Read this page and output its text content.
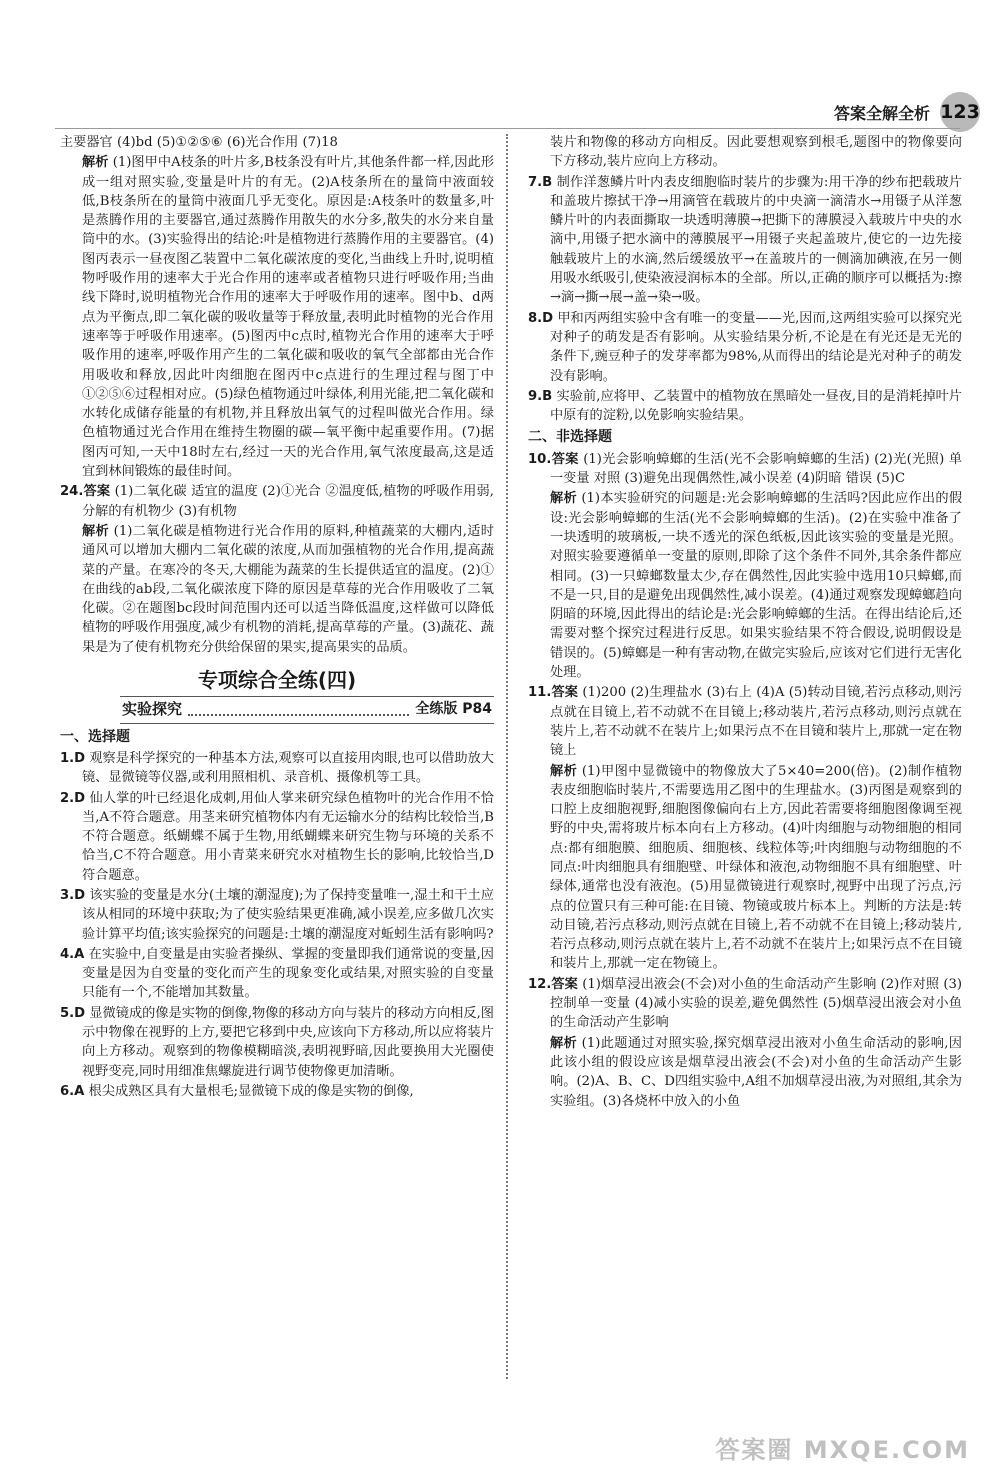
答案全解全析 123

主要器官 (4)bd (5)①②⑤⑥ (6)光合作用 (7)18

解析 (1)图甲中A枝条的叶片多,B枝条没有叶片,其他条件都一样,因此形成一组对照实验,变量是叶片的有无。(2)A枝条所在的量筒中液面较低,B枝条所在的量筒中液面几乎无变化。原因是:A枝条叶的数量多,叶是蒸腾作用的主要器官,通过蒸腾作用散失的水分多,散失的水分来自量筒中的水。(3)实验得出的结论:叶是植物进行蒸腾作用的主要器官。(4)图丙表示一昼夜图乙装置中二氧化碳浓度的变化,当曲线上升时,说明植物呼吸作用的速率大于光合作用的速率或者植物只进行呼吸作用;当曲线下降时,说明植物光合作用的速率大于呼吸作用的速率。图中b、d两点为平衡点,即二氧化碳的吸收量等于释放量,表明此时植物的光合作用速率等于呼吸作用速率。(5)图丙中c点时,植物光合作用的速率大于呼吸作用的速率,呼吸作用产生的二氧化碳和吸收的氧气全部都由光合作用吸收和释放,因此叶肉细胞在图丙中c点进行的生理过程与图丁中①②⑤⑥过程相对应。(5)绿色植物通过叶绿体,利用光能,把二氧化碳和水转化成储存能量的有机物,并且释放出氧气的过程叫做光合作用。绿色植物通过光合作用在维持生物圈的碳—氧平衡中起重要作用。(7)据图丙可知,一天中18时左右,经过一天的光合作用,氧气浓度最高,这是适宜到林间锻炼的最佳时间。

24.答案 (1)二氧化碳 适宜的温度 (2)①光合 ②温度低,植物的呼吸作用弱,分解的有机物少 (3)有机物

解析 (1)二氧化碳是植物进行光合作用的原料,种植蔬菜的大棚内,适时通风可以增加大棚内二氧化碳的浓度,从而加强植物的光合作用,提高蔬菜的产量。在寒冷的冬天,大棚能为蔬菜的生长提供适宜的温度。(2)①在曲线的ab段,二氧化碳浓度下降的原因是草莓的光合作用吸收了二氧化碳。②在题图bc段时间范围内还可以适当降低温度,这样做可以降低植物的呼吸作用强度,减少有机物的消耗,提高草莓的产量。(3)蔬花、蔬果是为了使有机物充分供给保留的果实,提高果实的品质。

专项综合全练(四)
实验探究	全练版 P84
一、选择题

1.D 观察是科学探究的一种基本方法,观察可以直接用肉眼,也可以借助放大镜、显微镜等仪器,或利用照相机、录音机、摄像机等工具。

2.D 仙人掌的叶已经退化成刺,用仙人掌来研究绿色植物叶的光合作用不恰当,A不符合题意。用茎来研究植物体内有无运输水分的结构比较恰当,B不符合题意。纸蝴蝶不属于生物,用纸蝴蝶来研究生物与环境的关系不恰当,C不符合题意。用小青菜来研究水对植物生长的影响,比较恰当,D符合题意。

3.D 该实验的变量是水分(土壤的潮湿度);为了保持变量唯一,湿土和干土应该从相同的环境中获取;为了使实验结果更准确,减小误差,应多做几次实验计算平均值;该实验探究的问题是:土壤的潮湿度对蚯蚓生活有影响吗?

4.A 在实验中,自变量是由实验者操纵、掌握的变量即我们通常说的变量,因变量是因为自变量的变化而产生的现象变化或结果,对照实验的自变量只能有一个,不能增加其数量。

5.D 显微镜成的像是实物的倒像,物像的移动方向与装片的移动方向相反,图示中物像在视野的上方,要把它移到中央,应该向下方移动,所以应将装片向上方移动。观察到的物像模糊暗淡,表明视野暗,因此要换用大光圈使视野变亮,同时用细准焦螺旋进行调节使物像更加清晰。

6.A 根尖成熟区具有大量根毛;显微镜下成的像是实物的倒像,

装片和物像的移动方向相反。因此要想观察到根毛,题图中的物像要向下方移动,装片应向上方移动。

7.B 制作洋葱鳞片叶内表皮细胞临时装片的步骤为:用干净的纱布把载玻片和盖玻片擦拭干净→用滴管在载玻片的中央滴一滴清水→用镊子从洋葱鳞片叶的内表面撕取一块透明薄膜→把撕下的薄膜浸入载玻片中央的水滴中,用镊子把水滴中的薄膜展平→用镊子夹起盖玻片,使它的一边先接触载玻片上的水滴,然后缓缓放平→在盖玻片的一侧滴加碘液,在另一侧用吸水纸吸引,使染液浸润标本的全部。所以,正确的顺序可以概括为:擦→滴→撕→展→盖→染→吸。

8.D 甲和丙两组实验中含有唯一的变量——光,因而,这两组实验可以探究光对种子的萌发是否有影响。从实验结果分析,不论是在有光还是无光的条件下,豌豆种子的发芽率都为98%,从而得出的结论是光对种子的萌发没有影响。

9.B 实验前,应将甲、乙装置中的植物放在黑暗处一昼夜,目的是消耗掉叶片中原有的淀粉,以免影响实验结果。

二、非选择题

10.答案 (1)光会影响蟑螂的生活(光不会影响蟑螂的生活) (2)光(光照) 单一变量 对照 (3)避免出现偶然性,减小误差 (4)阴暗 错误 (5)C

解析 (1)本实验研究的问题是:光会影响蟑螂的生活吗?因此应作出的假设:光会影响蟑螂的生活(光不会影响蟑螂的生活)。(2)在实验中准备了一块透明的玻璃板,一块不透光的深色纸板,因此该实验的变量是光照。对照实验要遵循单一变量的原则,即除了这个条件不同外,其余条件都应相同。(3)一只蟑螂数量太少,存在偶然性,因此实验中选用10只蟑螂,而不是一只,目的是避免出现偶然性,减小误差。(4)通过观察发现蟑螂趋向阴暗的环境,因此得出的结论是:光会影响蟑螂的生活。在得出结论后,还需要对整个探究过程进行反思。如果实验结果不符合假设,说明假设是错误的。(5)蟑螂是一种有害动物,在做完实验后,应该对它们进行无害化处理。

11.答案 (1)200 (2)生理盐水 (3)右上 (4)A (5)转动目镜,若污点移动,则污点就在目镜上,若不动就不在目镜上;移动装片,若污点移动,则污点就在装片上,若不动就不在装片上;如果污点不在目镜和装片上,那就一定在物镜上

解析 (1)甲图中显微镜中的物像放大了5×40=200(倍)。(2)制作植物表皮细胞临时装片,不需要选用乙图中的生理盐水。(3)丙图是观察到的口腔上皮细胞视野,细胞图像偏向右上方,因此若需要将细胞图像调至视野的中央,需将玻片标本向右上方移动。(4)叶肉细胞与动物细胞的相同点:都有细胞膜、细胞质、细胞核、线粒体等;叶肉细胞与动物细胞的不同点:叶肉细胞具有细胞壁、叶绿体和液泡,动物细胞不具有细胞壁、叶绿体,通常也没有液泡。(5)用显微镜进行观察时,视野中出现了污点,污点的位置只有三种可能:在目镜、物镜或玻片标本上。判断的方法是:转动目镜,若污点移动,则污点就在目镜上,若不动就不在目镜上;移动装片,若污点移动,则污点就在装片上,若不动就不在装片上;如果污点不在目镜和装片上,那就一定在物镜上。

12.答案 (1)烟草浸出液会(不会)对小鱼的生命活动产生影响 (2)作对照 (3)控制单一变量 (4)减小实验的误差,避免偶然性 (5)烟草浸出液会对小鱼的生命活动产生影响

解析 (1)此题通过对照实验,探究烟草浸出液对小鱼生命活动的影响,因此该小组的假设应该是烟草浸出液会(不会)对小鱼的生命活动产生影响。(2)A、B、C、D四组实验中,A组不加烟草浸出液,为对照组,其余为实验组。(3)各烧杯中放入的小鱼

答案圈 MXQE.COM
